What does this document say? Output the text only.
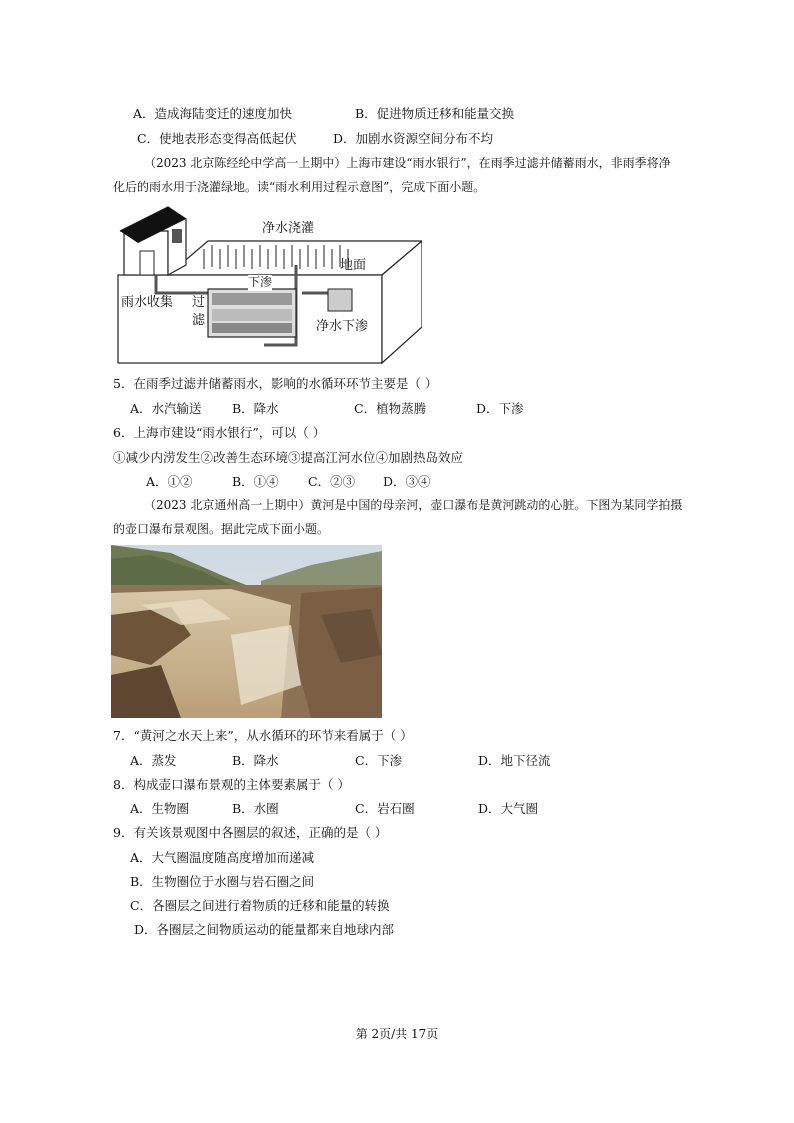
A．造成海陆变迁的速度加快	B．促进物质迁移和能量交换
C．使地表形态变得高低起伏	D．加剧水资源空间分布不均
（2023 北京陈经纶中学高一上期中）上海市建设“雨水银行”，在雨季过滤并储蓄雨水，非雨季将净
化后的雨水用于浇灌绿地。读“雨水利用过程示意图”，完成下面小题。
净水浇灌
地面
下渗
雨水收集 过
滤	净水下渗
5．在雨季过滤并储蓄雨水，影响的水循环环节主要是（ ）
A．水汽输送 B．降水	C．植物蒸腾	D．下渗
6．上海市建设“雨水银行”，可以（ ）
①减少内涝发生②改善生态环境③提高江河水位④加剧热岛效应
A．①②	B．①④ C．②③ D．③④
（2023 北京通州高一上期中）黄河是中国的母亲河，壶口瀑布是黄河跳动的心脏。下图为某同学拍摄
的壶口瀑布景观图。据此完成下面小题。
7．“黄河之水天上来”，从水循环的环节来看属于（ ）
A．蒸发	B．降水	C．下渗	D．地下径流
8．构成壶口瀑布景观的主体要素属于（ ）
A．生物圈	B．水圈	C．岩石圈	D．大气圈
9．有关该景观图中各圈层的叙述，正确的是（ ）
A．大气圈温度随高度增加而递减
B．生物圈位于水圈与岩石圈之间
C．各圈层之间进行着物质的迁移和能量的转换
D．各圈层之间物质运动的能量都来自地球内部
第 2页/共 17页
